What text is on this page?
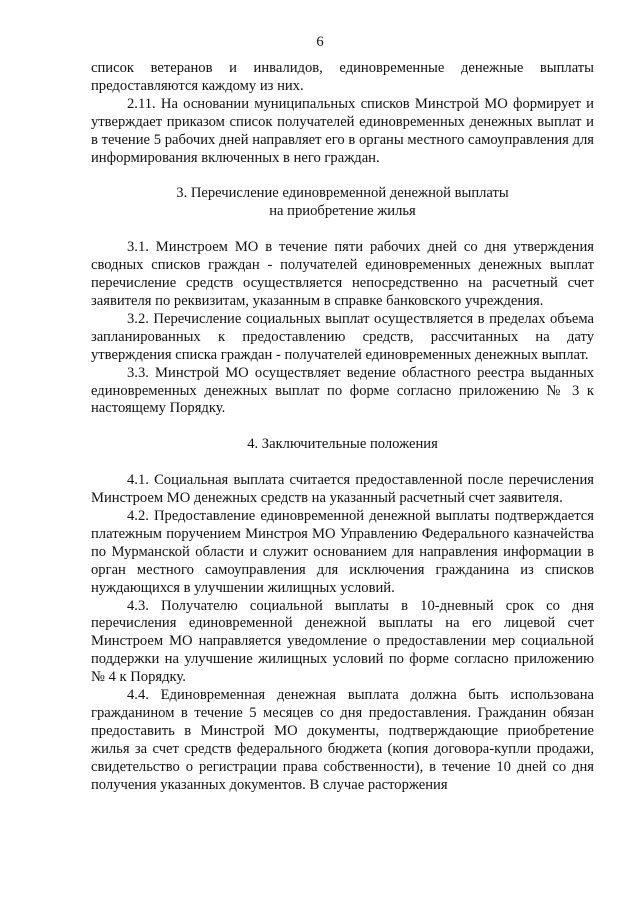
6

список ветеранов и инвалидов, единовременные денежные выплаты предоставляются каждому из них.

2.11. На основании муниципальных списков Минстрой МО формирует и утверждает приказом список получателей единовременных денежных выплат и в течение 5 рабочих дней направляет его в органы местного самоуправления для информирования включенных в него граждан.

3. Перечисление единовременной денежной выплаты
на приобретение жилья

3.1. Минстроем МО в течение пяти рабочих дней со дня утверждения сводных списков граждан - получателей единовременных денежных выплат перечисление средств осуществляется непосредственно на расчетный счет заявителя по реквизитам, указанным в справке банковского учреждения.

3.2. Перечисление социальных выплат осуществляется в пределах объема запланированных к предоставлению средств, рассчитанных на дату утверждения списка граждан - получателей единовременных денежных выплат.

3.3. Минстрой МО осуществляет ведение областного реестра выданных единовременных денежных выплат по форме согласно приложению № 3 к настоящему Порядку.

4. Заключительные положения

4.1. Социальная выплата считается предоставленной после перечисления Минстроем МО денежных средств на указанный расчетный счет заявителя.

4.2. Предоставление единовременной денежной выплаты подтверждается платежным поручением Минстроя МО Управлению Федерального казначейства по Мурманской области и служит основанием для направления информации в орган местного самоуправления для исключения гражданина из списков нуждающихся в улучшении жилищных условий.

4.3. Получателю социальной выплаты в 10-дневный срок со дня перечисления единовременной денежной выплаты на его лицевой счет Минстроем МО направляется уведомление о предоставлении мер социальной поддержки на улучшение жилищных условий по форме согласно приложению № 4 к Порядку.

4.4. Единовременная денежная выплата должна быть использована гражданином в течение 5 месяцев со дня предоставления. Гражданин обязан предоставить в Минстрой МО документы, подтверждающие приобретение жилья за счет средств федерального бюджета (копия договора-купли продажи, свидетельство о регистрации права собственности), в течение 10 дней со дня получения указанных документов. В случае расторжения
